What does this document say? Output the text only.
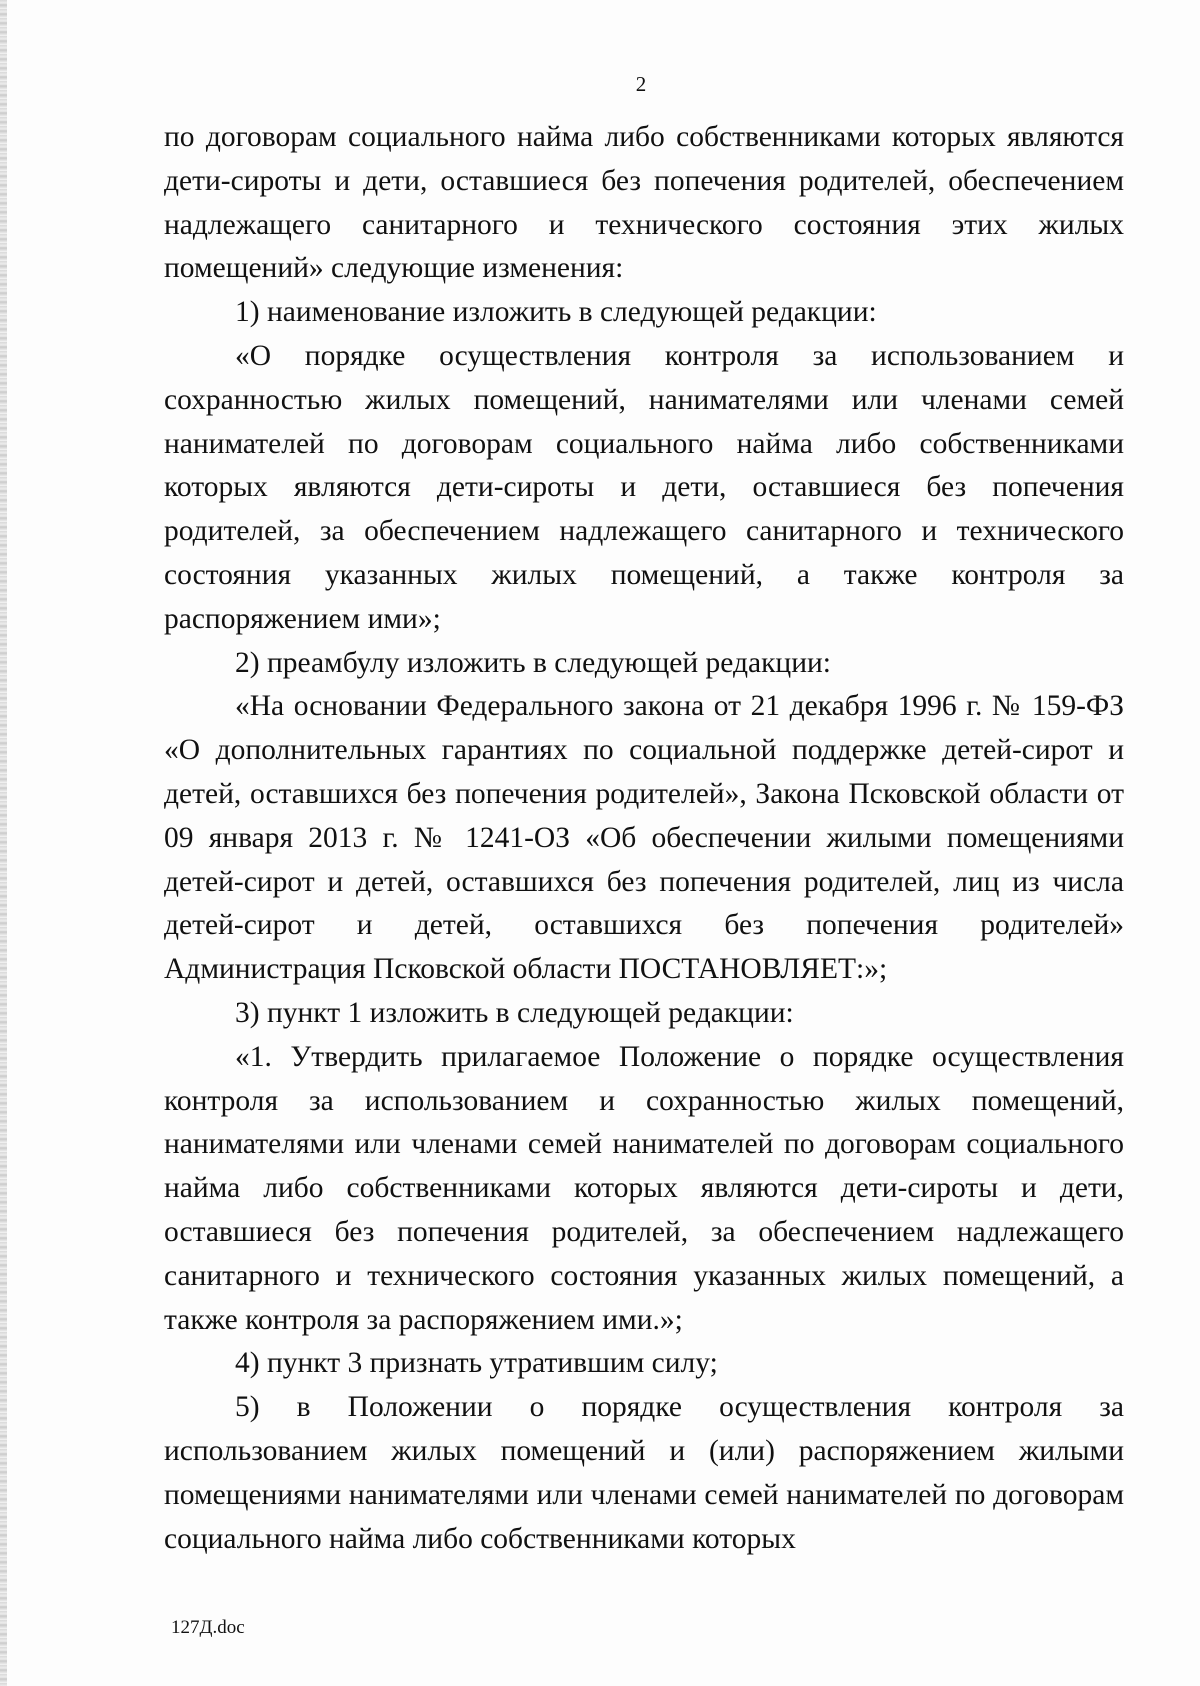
2

по договорам социального найма либо собственниками которых являются дети-сироты и дети, оставшиеся без попечения родителей, обеспечением надлежащего санитарного и технического состояния этих жилых помещений» следующие изменения:

1) наименование изложить в следующей редакции:

«О порядке осуществления контроля за использованием и сохранностью жилых помещений, нанимателями или членами семей нанимателей по договорам социального найма либо собственниками которых являются дети-сироты и дети, оставшиеся без попечения родителей, за обеспечением надлежащего санитарного и технического состояния указанных жилых помещений, а также контроля за распоряжением ими»;

2) преамбулу изложить в следующей редакции:

«На основании Федерального закона от 21 декабря 1996 г. № 159-ФЗ «О дополнительных гарантиях по социальной поддержке детей-сирот и детей, оставшихся без попечения родителей», Закона Псковской области от 09 января 2013 г. № 1241-ОЗ «Об обеспечении жилыми помещениями детей-сирот и детей, оставшихся без попечения родителей, лиц из числа детей-сирот и детей, оставшихся без попечения родителей» Администрация Псковской области ПОСТАНОВЛЯЕТ:»;

3) пункт 1 изложить в следующей редакции:

«1. Утвердить прилагаемое Положение о порядке осуществления контроля за использованием и сохранностью жилых помещений, нанимателями или членами семей нанимателей по договорам социального найма либо собственниками которых являются дети-сироты и дети, оставшиеся без попечения родителей, за обеспечением надлежащего санитарного и технического состояния указанных жилых помещений, а также контроля за распоряжением ими.»;

4) пункт 3 признать утратившим силу;

5) в Положении о порядке осуществления контроля за использованием жилых помещений и (или) распоряжением жилыми помещениями нанимателями или членами семей нанимателей по договорам социального найма либо собственниками которых

127Д.doc
